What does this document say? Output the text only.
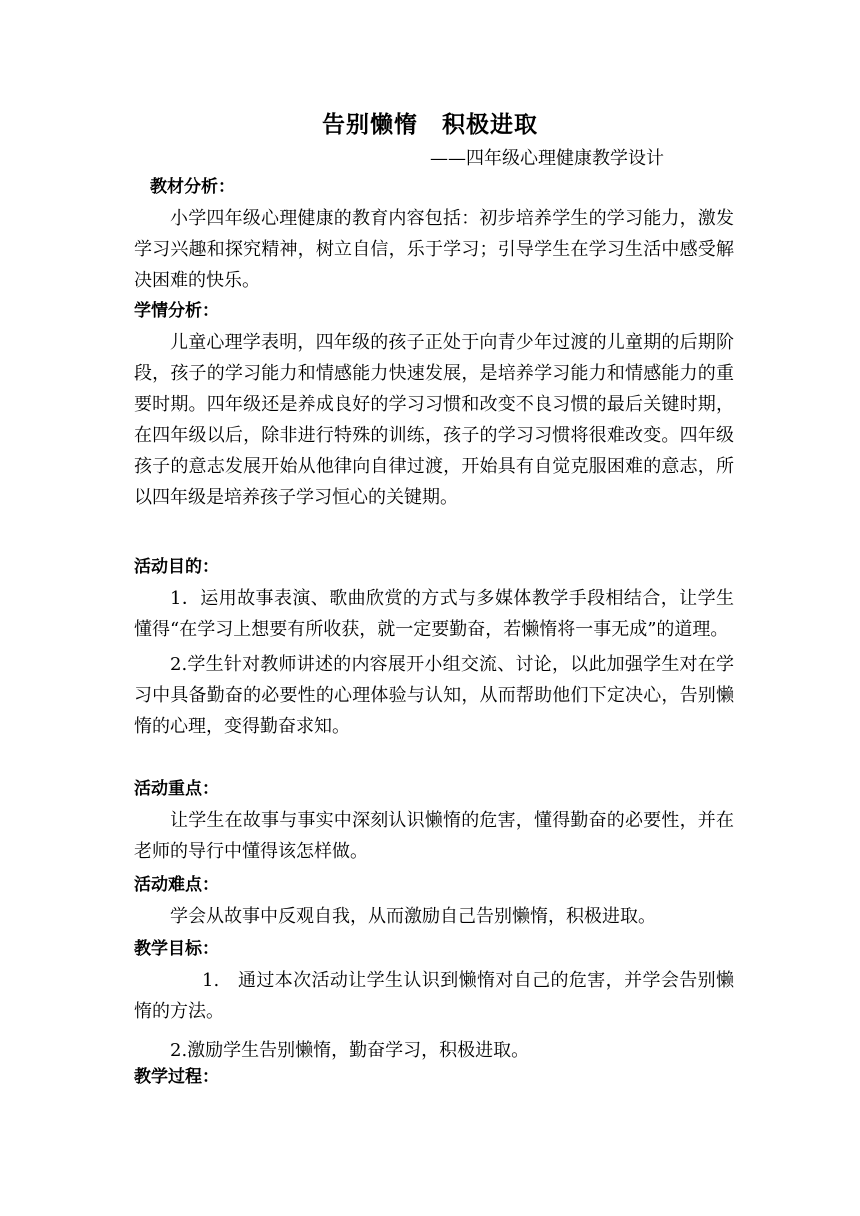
告别懒惰　积极进取
——四年级心理健康教学设计
教材分析：

小学四年级心理健康的教育内容包括：初步培养学生的学习能力，激发学习兴趣和探究精神，树立自信，乐于学习；引导学生在学习生活中感受解决困难的快乐。

学情分析：

儿童心理学表明，四年级的孩子正处于向青少年过渡的儿童期的后期阶段，孩子的学习能力和情感能力快速发展，是培养学习能力和情感能力的重要时期。四年级还是养成良好的学习习惯和改变不良习惯的最后关键时期，在四年级以后，除非进行特殊的训练，孩子的学习习惯将很难改变。四年级孩子的意志发展开始从他律向自律过渡，开始具有自觉克服困难的意志，所以四年级是培养孩子学习恒心的关键期。

活动目的：

1．运用故事表演、歌曲欣赏的方式与多媒体教学手段相结合，让学生懂得“在学习上想要有所收获，就一定要勤奋，若懒惰将一事无成”的道理。

2.学生针对教师讲述的内容展开小组交流、讨论，以此加强学生对在学习中具备勤奋的必要性的心理体验与认知，从而帮助他们下定决心，告别懒惰的心理，变得勤奋求知。

活动重点：

让学生在故事与事实中深刻认识懒惰的危害，懂得勤奋的必要性，并在老师的导行中懂得该怎样做。

活动难点：

学会从故事中反观自我，从而激励自己告别懒惰，积极进取。

教学目标：

1.　通过本次活动让学生认识到懒惰对自己的危害，并学会告别懒惰的方法。

2.激励学生告别懒惰，勤奋学习，积极进取。

教学过程：
